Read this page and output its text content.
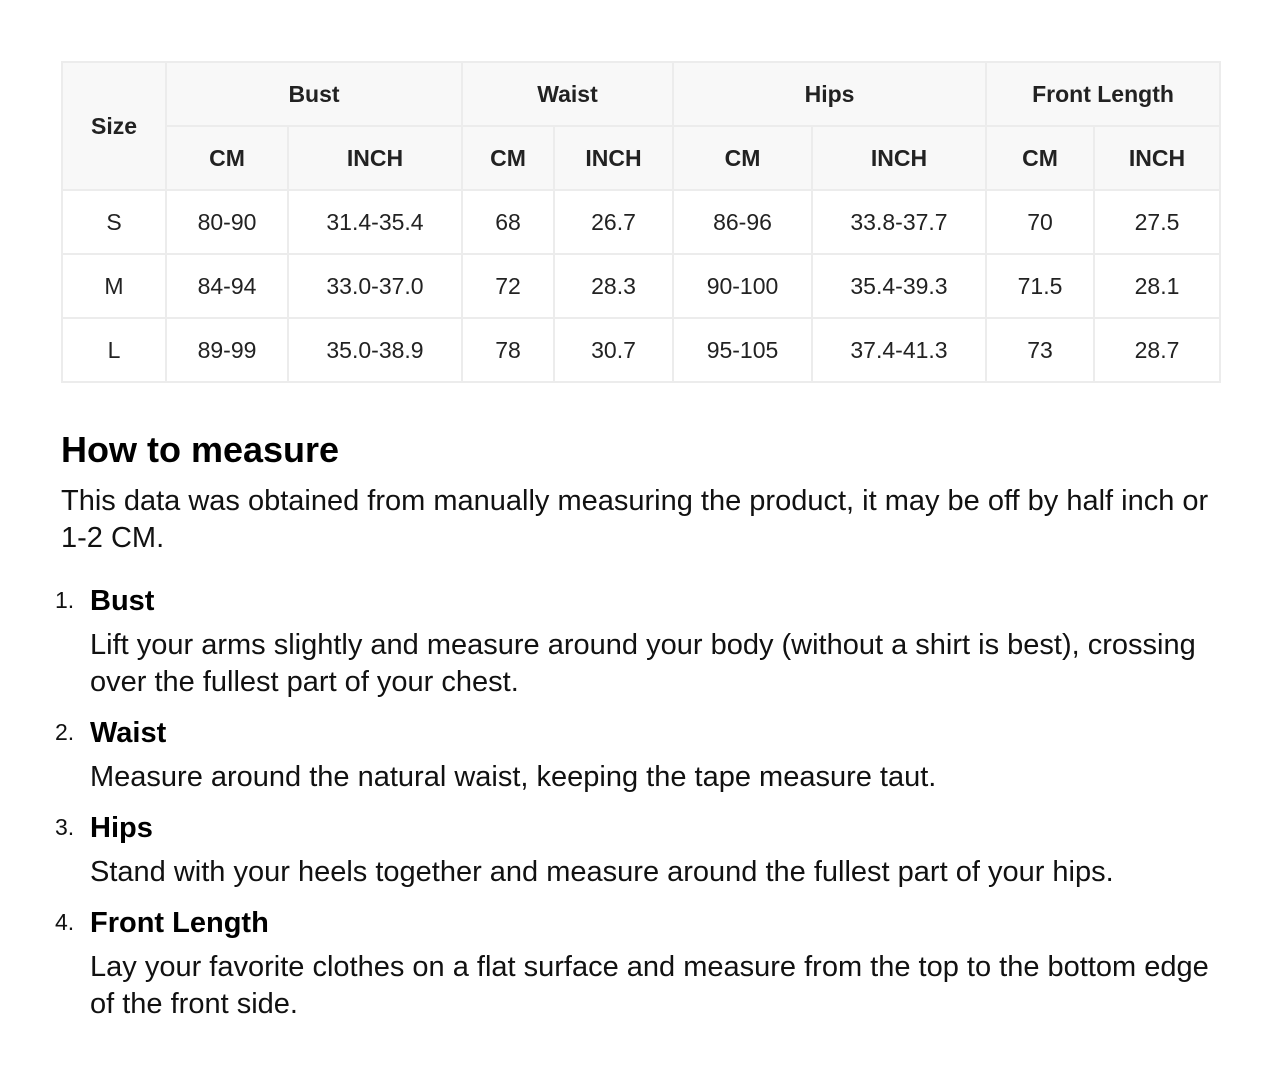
Size	Bust		Waist		Hips		Front Length	
	CM	INCH	CM	INCH	CM	INCH	CM	INCH
S	80-90	31.4-35.4	68	26.7	86-96	33.8-37.7	70	27.5
M	84-94	33.0-37.0	72	28.3	90-100	35.4-39.3	71.5	28.1
L	89-99	35.0-38.9	78	30.7	95-105	37.4-41.3	73	28.7
How to measure

This data was obtained from manually measuring the product, it may be off by half inch or 1-2 CM.

1. Bust
Lift your arms slightly and measure around your body (without a shirt is best), crossing over the fullest part of your chest.
2. Waist
Measure around the natural waist, keeping the tape measure taut.
3. Hips
Stand with your heels together and measure around the fullest part of your hips.
4. Front Length
Lay your favorite clothes on a flat surface and measure from the top to the bottom edge of the front side.
